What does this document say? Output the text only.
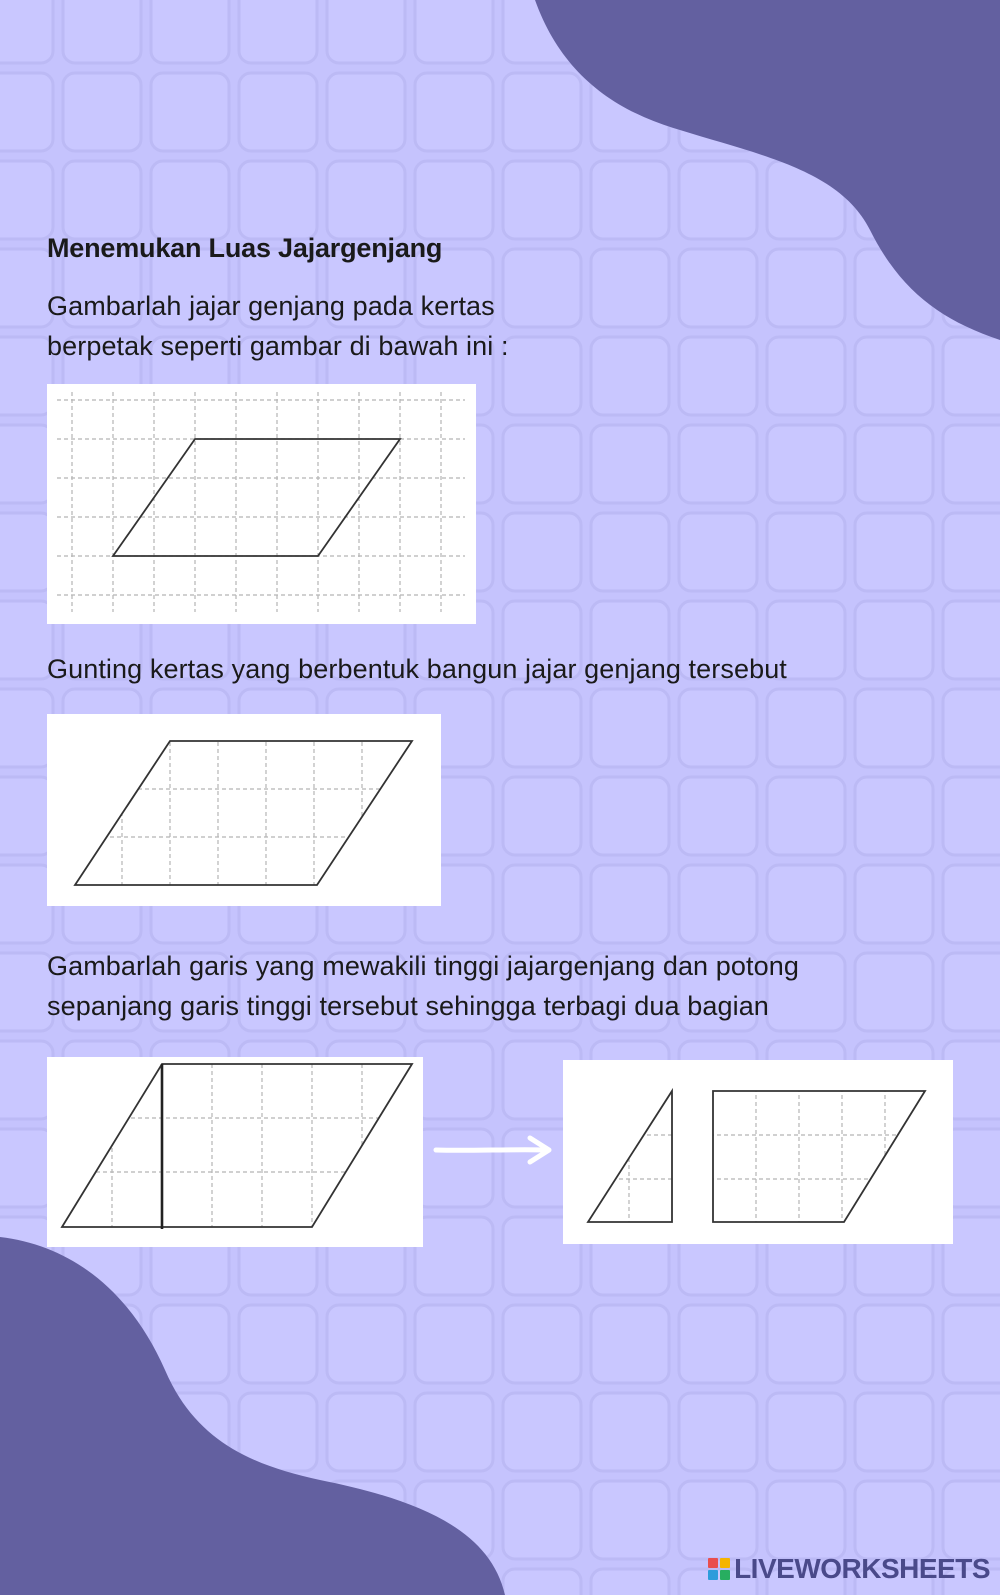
Menemukan Luas Jajargenjang

Gambarlah jajar genjang pada kertas
berpetak seperti gambar di bawah ini :

Gunting kertas yang berbentuk bangun jajar genjang tersebut

Gambarlah garis yang mewakili tinggi jajargenjang dan potong
sepanjang garis tinggi tersebut sehingga terbagi dua bagian

LIVEWORKSHEETS
